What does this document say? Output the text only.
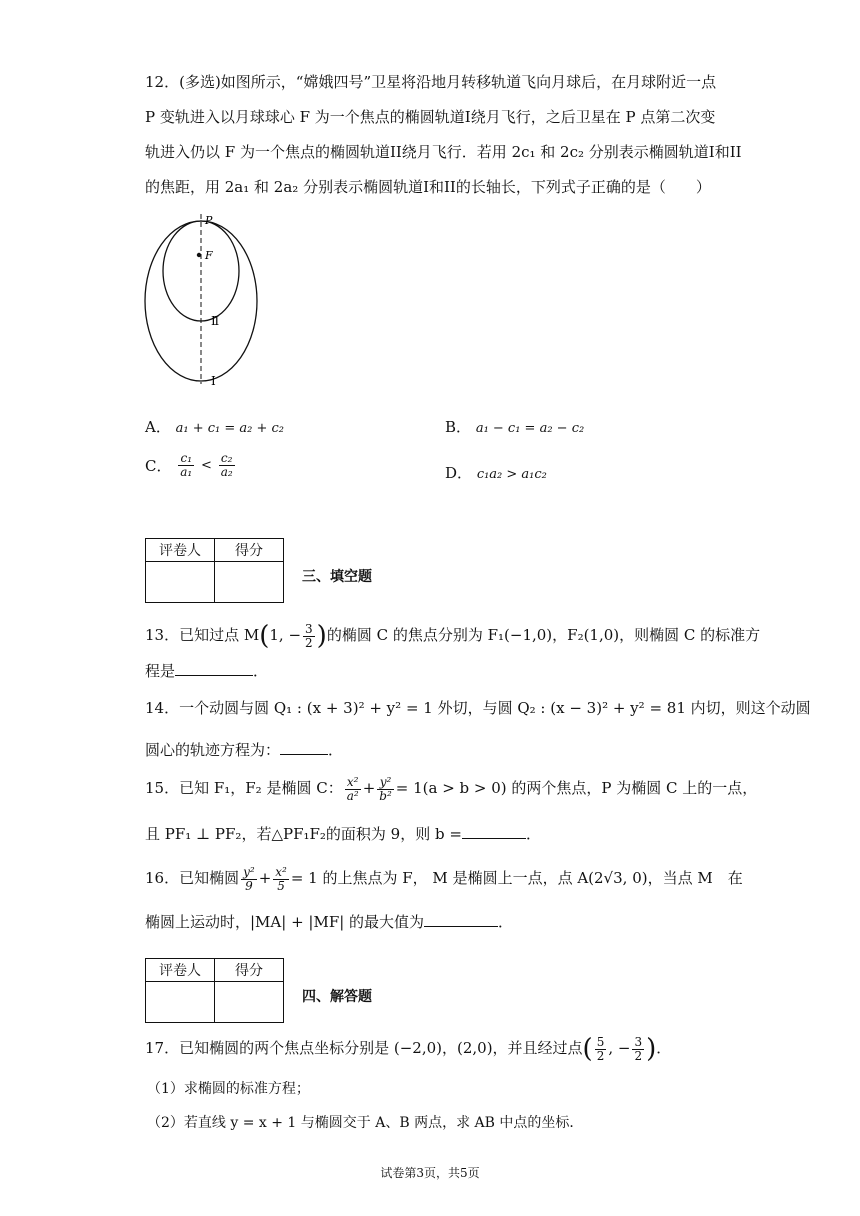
12．(多选)如图所示，“嫦娥四号”卫星将沿地月转移轨道飞向月球后，在月球附近一点
P 变轨进入以月球球心 F 为一个焦点的椭圆轨道I绕月飞行，之后卫星在 P 点第二次变
轨进入仍以 F 为一个焦点的椭圆轨道II绕月飞行．若用 2c₁ 和 2c₂ 分别表示椭圆轨道I和II
的焦距，用 2a₁ 和 2a₂ 分别表示椭圆轨道I和II的长轴长，下列式子正确的是（　　）
P
F
Ⅱ
Ⅰ
A． a₁ + c₁ = a₂ + c₂	B． a₁ − c₁ = a₂ − c₂
C． $\frac{\text{c₁}}{\text{a₁}} < \frac{\text{c₂}}{\text{a₂}}$	D． c₁a₂ > a₁c₂
评卷人	得分

三、填空题
13．已知过点 M(1, − $\frac{3}{2}$ )的椭圆 C 的焦点分别为 F₁(−1,0)，F₂(1,0)，则椭圆 C 的标准方
程是	．
14．一个动圆与圆 Q₁ : (x + 3)² + y² = 1 外切，与圆 Q₂ : (x − 3)² + y² = 81 内切，则这个动圆
圆心的轨迹方程为：	．
15．已知 F₁，F₂ 是椭圆 C： $\frac{\text{x²}}{\text{a²}} + \frac{\text{y²}}{\text{b²}} = 1(a > b > 0)$ 的两个焦点，P 为椭圆 C 上的一点，
且 PF₁ ⊥ PF₂，若△PF₁F₂的面积为 9，则 b =	．
16．已知椭圆 $\frac{\text{y²}}{9} + \frac{\text{x²}}{5} = 1$ 的上焦点为 F， M 是椭圆上一点，点 A(2√3, 0)，当点 M　在
椭圆上运动时，|MA| + |MF| 的最大值为	．
评卷人	得分

四、解答题
17．已知椭圆的两个焦点坐标分别是 (−2,0)，(2,0)，并且经过点( $\frac{5}{2}$ , − $\frac{3}{2}$ )．
（1）求椭圆的标准方程；
（2）若直线 y = x + 1 与椭圆交于 A、B 两点，求 AB 中点的坐标．
试卷第3页，共5页
